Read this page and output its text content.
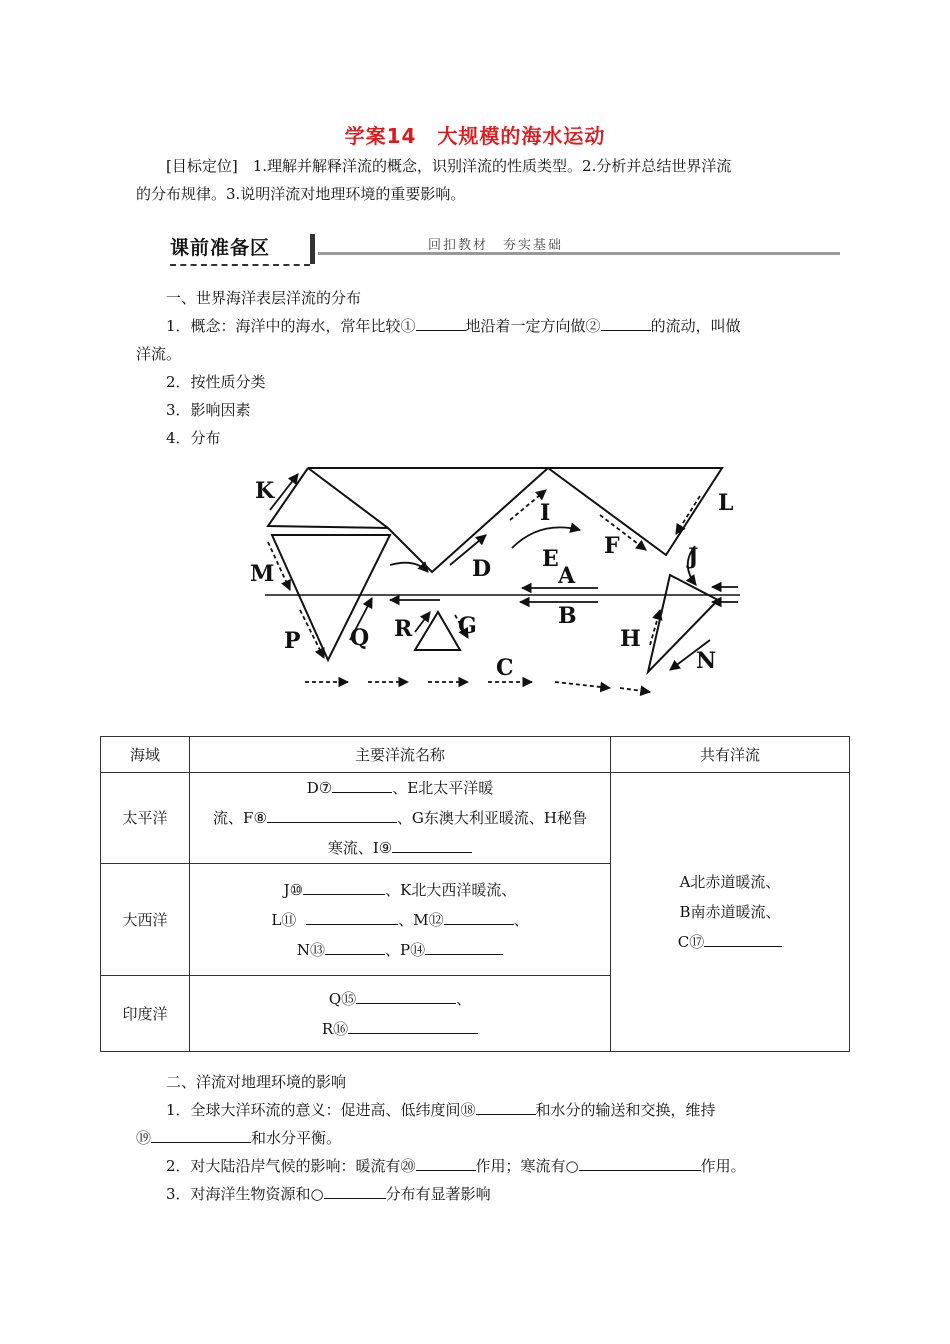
学案14　大规模的海水运动
[目标定位]　1.理解并解释洋流的概念，识别洋流的性质类型。2.分析并总结世界洋流
的分布规律。3.说明洋流对地理环境的重要影响。
课前准备区	回扣教材　夯实基础
一、世界海洋表层洋流的分布
1．概念：海洋中的海水，常年比较①	地沿着一定方向做②	的流动，叫做
洋流。
2．按性质分类
3．影响因素
4．分布
K
I	L
E F	J
M	D	A
B
R G
Q
P	H
N
C
海域	主要洋流名称	共有洋流
太平洋	D⑦ 、E北太平洋暖
流、F⑧ 、G东澳大利亚暖流、H秘鲁
寒流、I⑨	A北赤道暖流、
B南赤道暖流、
C⑰

大西洋	J⑩ 、K北大西洋暖流、
L⑪ 、M⑫ 、
N⑬ 、P⑭	

印度洋	Q⑮ 、
R⑯	
二、洋流对地理环境的影响
1．全球大洋环流的意义：促进高、低纬度间⑱	和水分的输送和交换，维持
⑲	和水分平衡。
2．对大陆沿岸气候的影响：暖流有⑳	作用；寒流有○	作用。
3．对海洋生物资源和○	分布有显著影响
